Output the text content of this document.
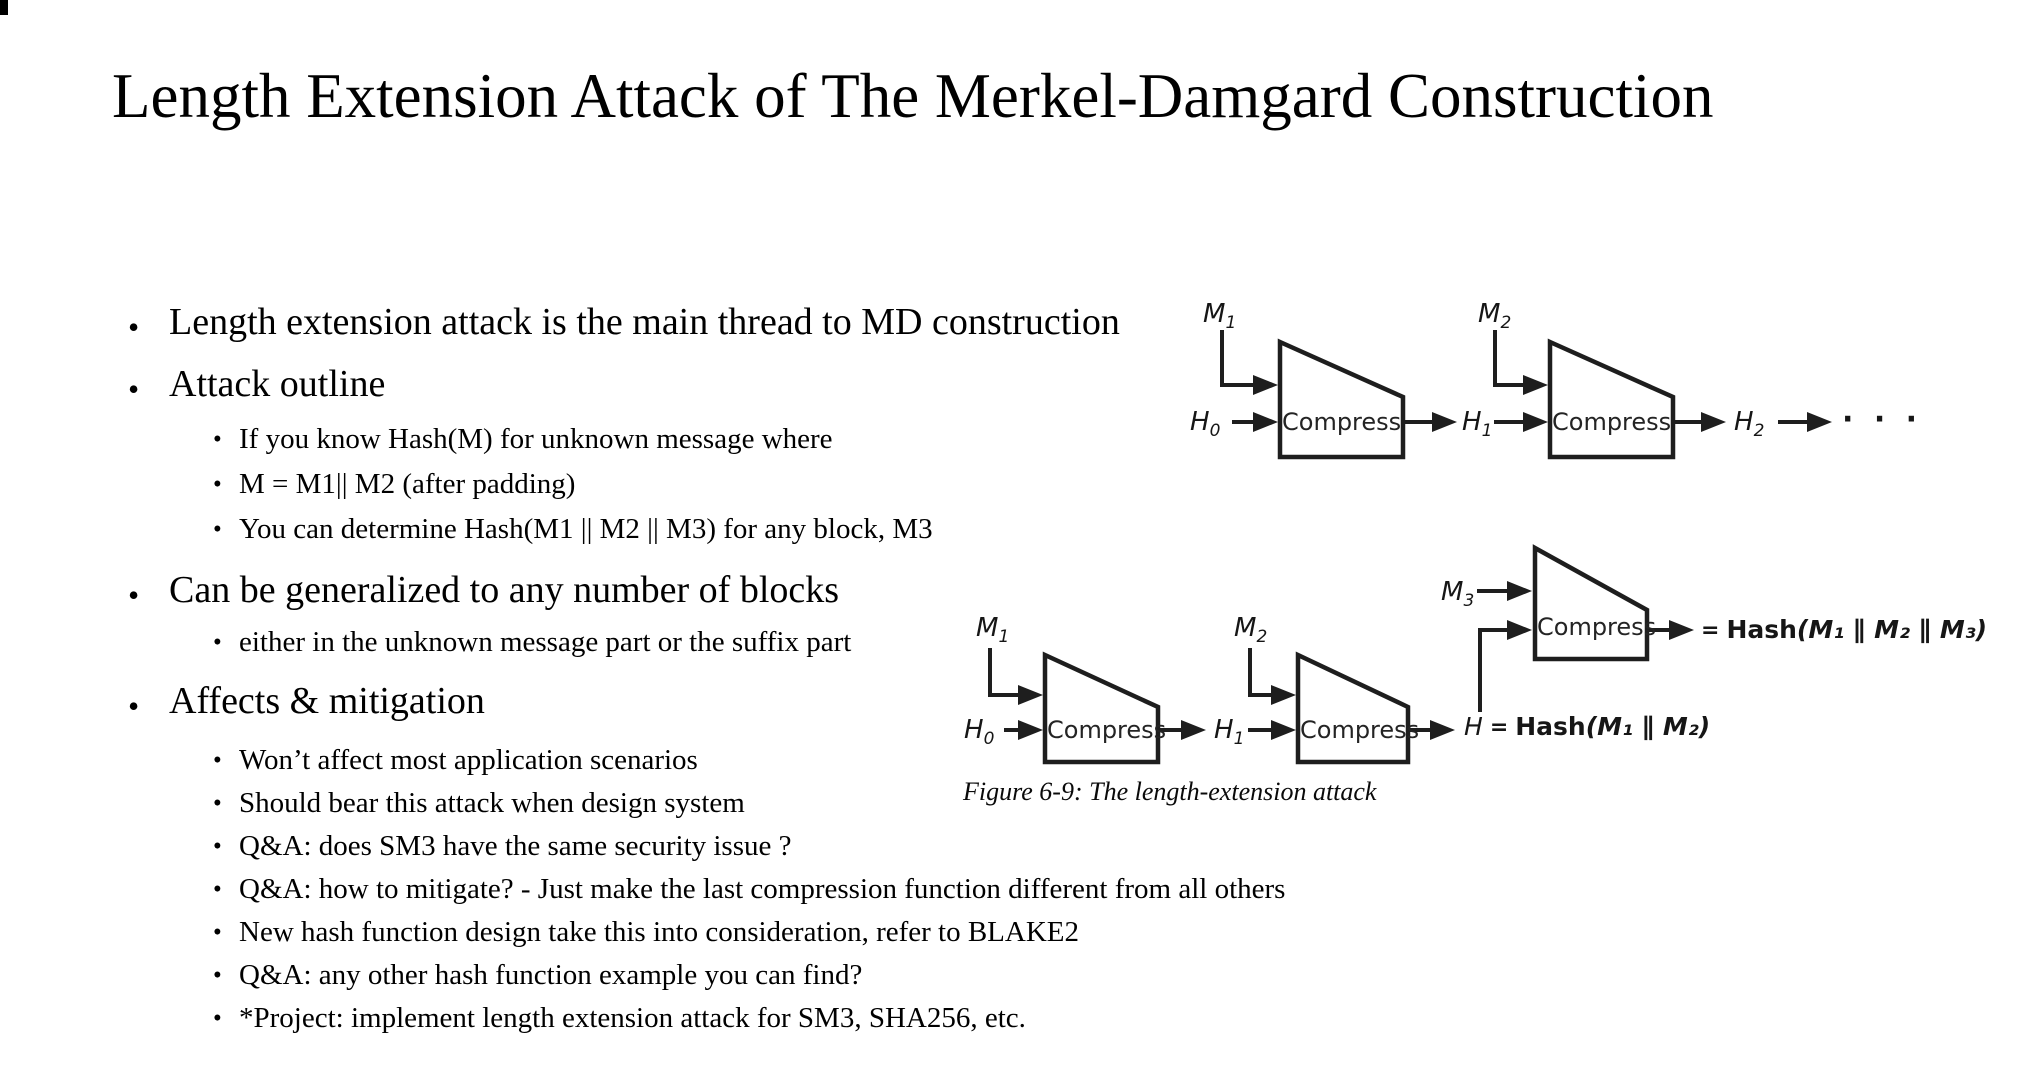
Length Extension Attack of The Merkel-Damgard Construction
• Length extension attack is the main thread to MD construction
• Attack outline
• If you know Hash(M) for unknown message where
• M = M1|| M2 (after padding)
• You can determine Hash(M1 || M2 || M3) for any block, M3
• Can be generalized to any number of blocks
• either in the unknown message part or the suffix part
• Affects & mitigation
• Won’t affect most application scenarios
• Should bear this attack when design system
• Q&A: does SM3 have the same security issue ?
• Q&A: how to mitigate? - Just make the last compression function different from all others
• New hash function design take this into consideration, refer to BLAKE2
• Q&A: any other hash function example you can find?
• *Project: implement length extension attack for SM3, SHA256, etc.
$M_1$	$M_2$
$H_0$	$H_1$	$H_2$	· · ·
Compress	Compress
$M_1$	$M_2$
$M_3$
$H_0$	$H_1$
Compress	Compress
Compress
H = Hash(M₁ ∥ M₂)
= Hash(M₁ ∥ M₂ ∥ M₃)
Figure 6-9: The length-extension attack
